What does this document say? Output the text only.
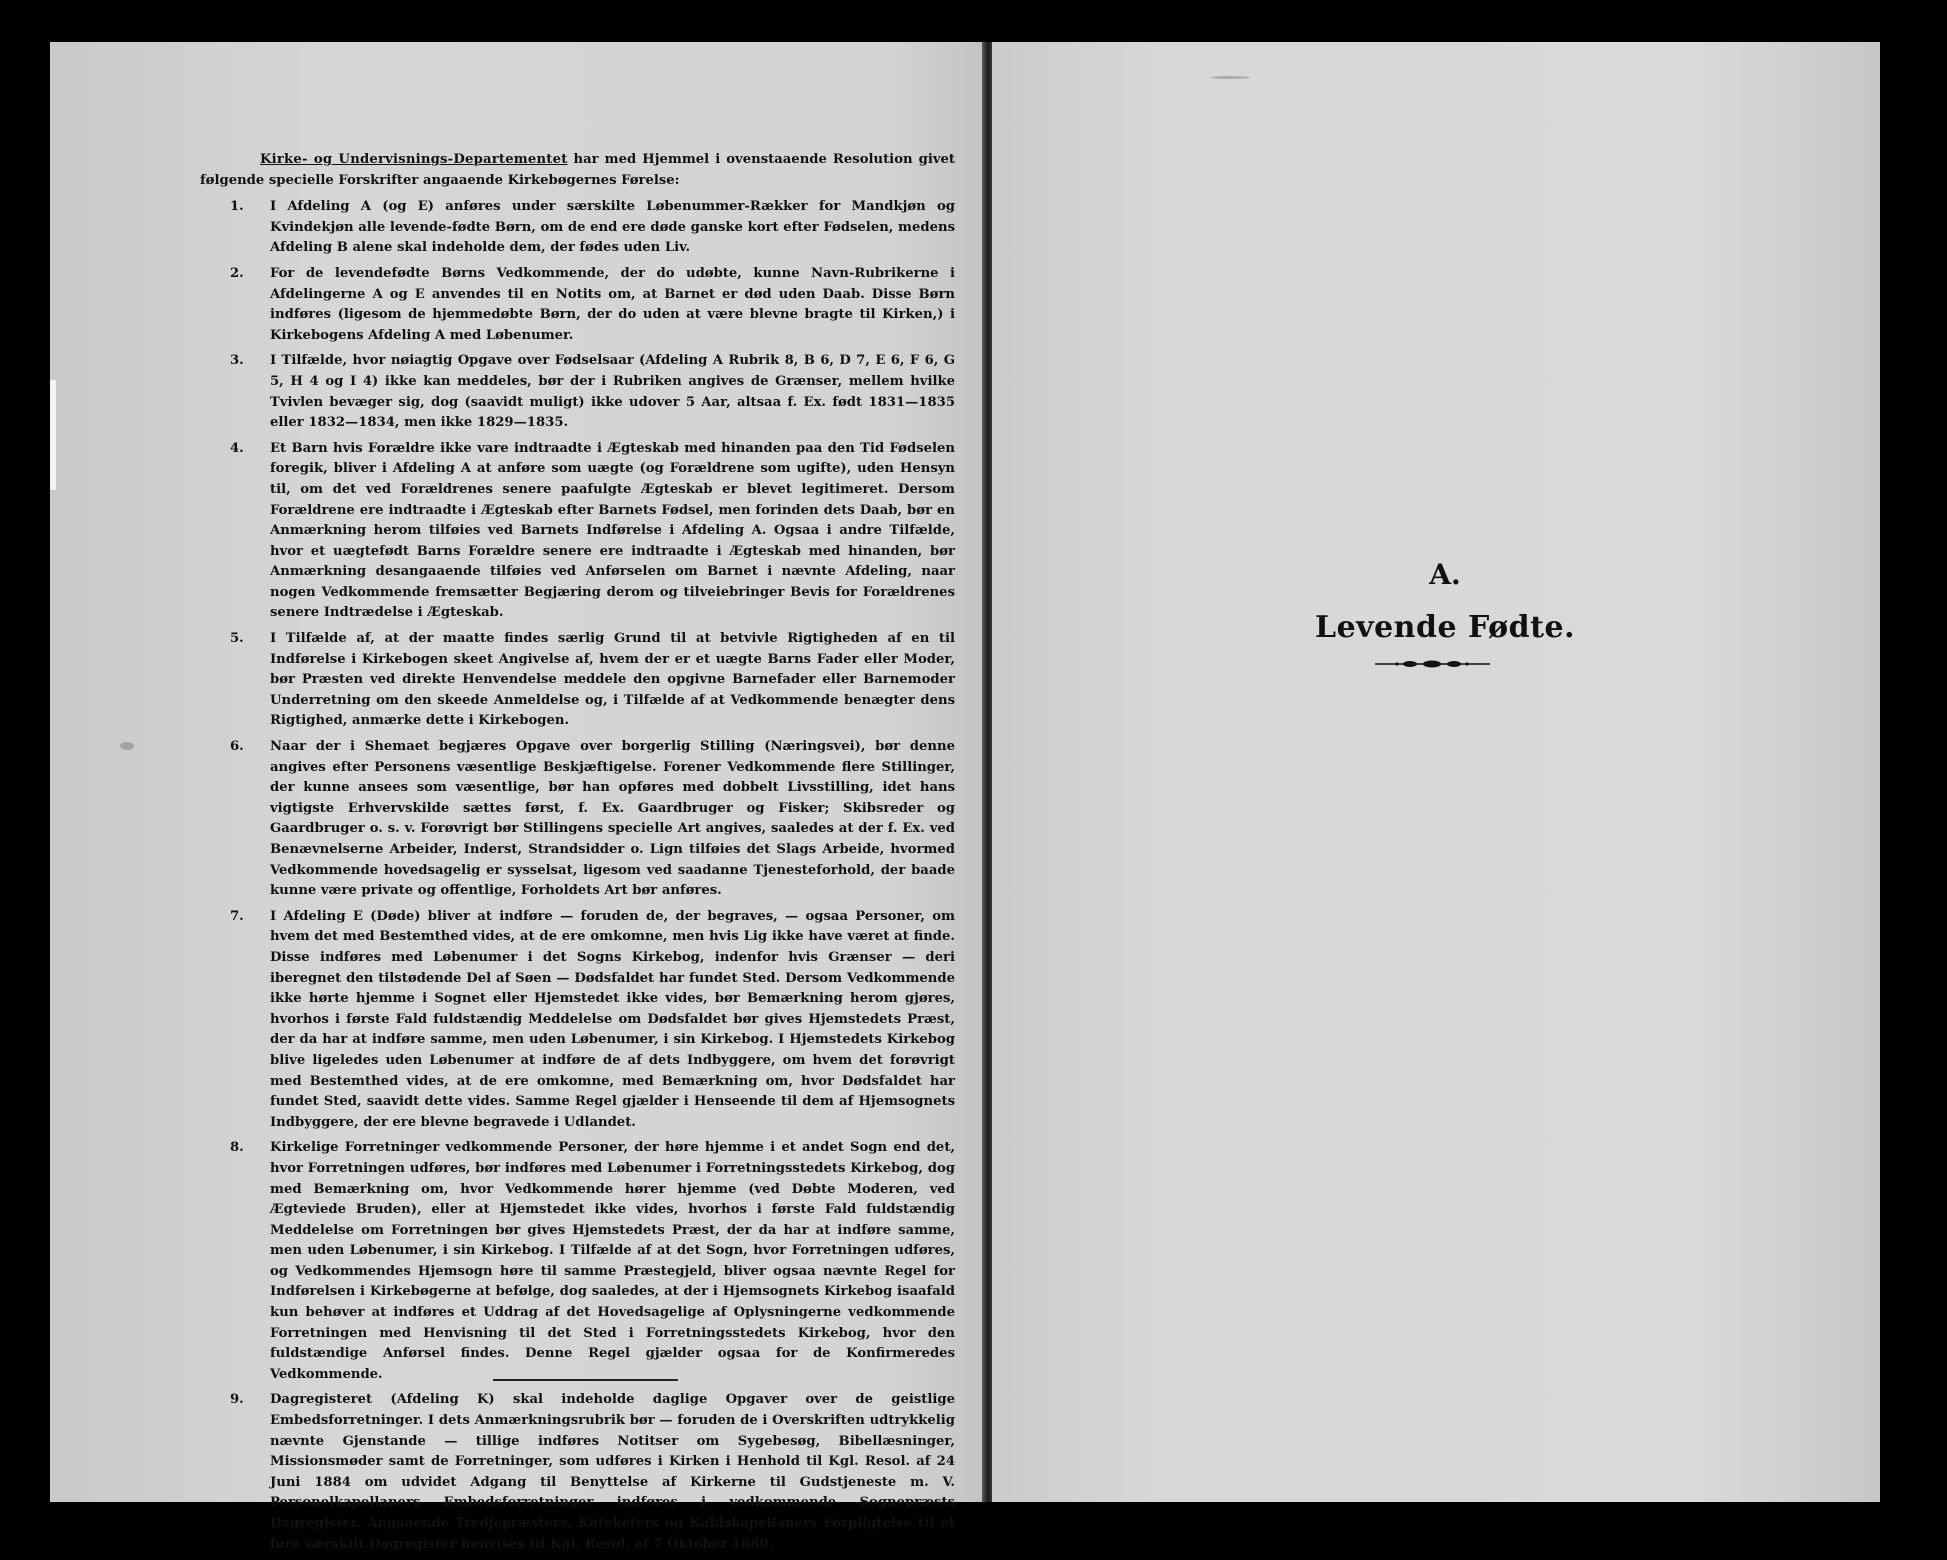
Kirke- og Undervisnings-Departementet har med Hjemmel i ovenstaaende Resolution givet følgende specielle Forskrifter angaaende Kirkebøgernes Førelse:

1. I Afdeling A (og E) anføres under særskilte Løbenummer-Rækker for Mandkjøn og Kvindekjøn alle levende-fødte Børn, om de end ere døde ganske kort efter Fødselen, medens Afdeling B alene skal indeholde dem, der fødes uden Liv.

2. For de levendefødte Børns Vedkommende, der do udøbte, kunne Navn-Rubrikerne i Afdelingerne A og E anvendes til en Notits om, at Barnet er død uden Daab. Disse Børn indføres (ligesom de hjemmedøbte Børn, der do uden at være blevne bragte til Kirken,) i Kirkebogens Afdeling A med Løbenumer.

3. I Tilfælde, hvor nøiagtig Opgave over Fødselsaar (Afdeling A Rubrik 8, B 6, D 7, E 6, F 6, G 5, H 4 og I 4) ikke kan meddeles, bør der i Rubriken angives de Grænser, mellem hvilke Tvivlen bevæger sig, dog (saavidt muligt) ikke udover 5 Aar, altsaa f. Ex. født 1831—1835 eller 1832—1834, men ikke 1829—1835.

4. Et Barn hvis Forældre ikke vare indtraadte i Ægteskab med hinanden paa den Tid Fødselen foregik, bliver i Afdeling A at anføre som uægte (og Forældrene som ugifte), uden Hensyn til, om det ved Forældrenes senere paafulgte Ægteskab er blevet legitimeret. Dersom Forældrene ere indtraadte i Ægteskab efter Barnets Fødsel, men forinden dets Daab, bør en Anmærkning herom tilføies ved Barnets Indførelse i Afdeling A. Ogsaa i andre Tilfælde, hvor et uægtefødt Barns Forældre senere ere indtraadte i Ægteskab med hinanden, bør Anmærkning desangaaende tilføies ved Anførselen om Barnet i nævnte Afdeling, naar nogen Vedkommende fremsætter Begjæring derom og tilveiebringer Bevis for Forældrenes senere Indtrædelse i Ægteskab.

5. I Tilfælde af, at der maatte findes særlig Grund til at betvivle Rigtigheden af en til Indførelse i Kirkebogen skeet Angivelse af, hvem der er et uægte Barns Fader eller Moder, bør Præsten ved direkte Henvendelse meddele den opgivne Barnefader eller Barnemoder Underretning om den skeede Anmeldelse og, i Tilfælde af at Vedkommende benægter dens Rigtighed, anmærke dette i Kirkebogen.

6. Naar der i Shemaet begjæres Opgave over borgerlig Stilling (Næringsvei), bør denne angives efter Personens væsentlige Beskjæftigelse. Forener Vedkommende flere Stillinger, der kunne ansees som væsentlige, bør han opføres med dobbelt Livsstilling, idet hans vigtigste Erhvervskilde sættes først, f. Ex. Gaardbruger og Fisker; Skibsreder og Gaardbruger o. s. v. Forøvrigt bør Stillingens specielle Art angives, saaledes at der f. Ex. ved Benævnelserne Arbeider, Inderst, Strandsidder o. Lign tilføies det Slags Arbeide, hvormed Vedkommende hovedsagelig er sysselsat, ligesom ved saadanne Tjenesteforhold, der baade kunne være private og offentlige, Forholdets Art bør anføres.

7. I Afdeling E (Døde) bliver at indføre — foruden de, der begraves, — ogsaa Personer, om hvem det med Bestemthed vides, at de ere omkomne, men hvis Lig ikke have været at finde. Disse indføres med Løbenumer i det Sogns Kirkebog, indenfor hvis Grænser — deri iberegnet den tilstødende Del af Søen — Dødsfaldet har fundet Sted. Dersom Vedkommende ikke hørte hjemme i Sognet eller Hjemstedet ikke vides, bør Bemærkning herom gjøres, hvorhos i første Fald fuldstændig Meddelelse om Dødsfaldet bør gives Hjemstedets Præst, der da har at indføre samme, men uden Løbenumer, i sin Kirkebog. I Hjemstedets Kirkebog blive ligeledes uden Løbenumer at indføre de af dets Indbyggere, om hvem det forøvrigt med Bestemthed vides, at de ere omkomne, med Bemærkning om, hvor Dødsfaldet har fundet Sted, saavidt dette vides. Samme Regel gjælder i Henseende til dem af Hjemsognets Indbyggere, der ere blevne begravede i Udlandet.

8. Kirkelige Forretninger vedkommende Personer, der høre hjemme i et andet Sogn end det, hvor Forretningen udføres, bør indføres med Løbenumer i Forretningsstedets Kirkebog, dog med Bemærkning om, hvor Vedkommende hører hjemme (ved Døbte Moderen, ved Ægteviede Bruden), eller at Hjemstedet ikke vides, hvorhos i første Fald fuldstændig Meddelelse om Forretningen bør gives Hjemstedets Præst, der da har at indføre samme, men uden Løbenumer, i sin Kirkebog. I Tilfælde af at det Sogn, hvor Forretningen udføres, og Vedkommendes Hjemsogn høre til samme Præstegjeld, bliver ogsaa nævnte Regel for Indførelsen i Kirkebøgerne at befølge, dog saaledes, at der i Hjemsognets Kirkebog isaafald kun behøver at indføres et Uddrag af det Hovedsagelige af Oplysningerne vedkommende Forretningen med Henvisning til det Sted i Forretningsstedets Kirkebog, hvor den fuldstændige Anførsel findes. Denne Regel gjælder ogsaa for de Konfirmeredes Vedkommende.

9. Dagregisteret (Afdeling K) skal indeholde daglige Opgaver over de geistlige Embedsforretninger. I dets Anmærkningsrubrik bør — foruden de i Overskriften udtrykkelig nævnte Gjenstande — tillige indføres Notitser om Sygebesøg, Bibellæsninger, Missionsmøder samt de Forretninger, som udføres i Kirken i Henhold til Kgl. Resol. af 24 Juni 1884 om udvidet Adgang til Benyttelse af Kirkerne til Gudstjeneste m. V. Personelkapellaners Embedsforretninger indføres i vedkommende Sognepræsts Dagregister. Angaaende Tredjepræsters, Kateketers og Kaldskapellaners Forpligtelse til at føre særskilt Dagregister henvises til Kgl. Resol. af 7 Oktober 1880.

A.
Levende Fødte.
